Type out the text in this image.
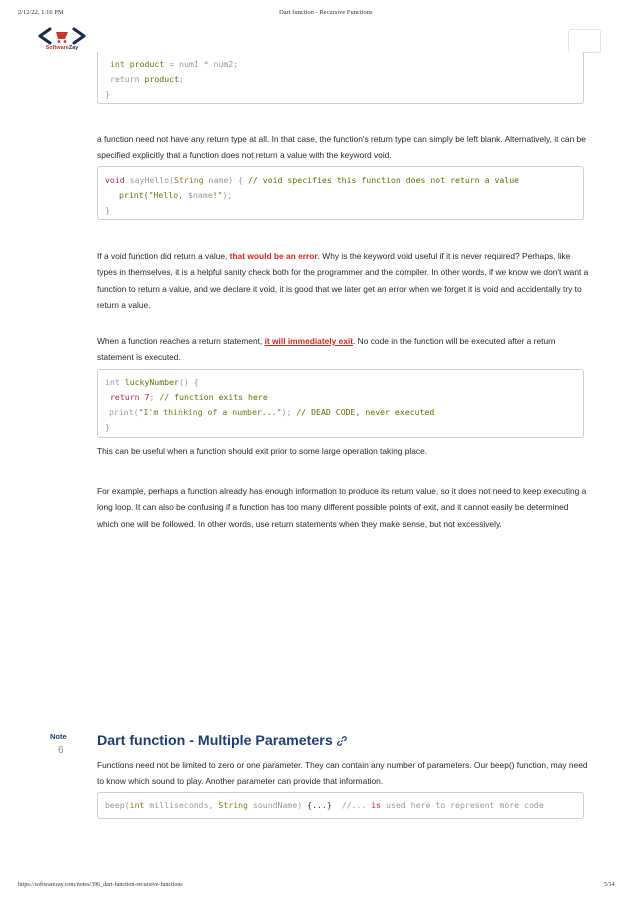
2/12/22, 1:16 PM	Dart function - Recursive Functions
SoftwareZay

int product = num1 * num2;

return product;

}

a function need not have any return type at all. In that case, the function's return type can simply be left blank. Alternatively, it can be specified explicitly that a function does not return a value with the keyword void.

void sayHello(String name) { // void specifies this function does not return a value

print("Hello, $name!");

}

If a void function did return a value, that would be an error. Why is the keyword void useful if it is never required? Perhaps, like types in themselves, it is a helpful sanity check both for the programmer and the compiler. In other words, if we know we don't want a function to return a value, and we declare it void, it is good that we later get an error when we forget it is void and accidentally try to return a value.
When a function reaches a return statement, it will immediately exit. No code in the function will be executed after a return statement is executed.

int luckyNumber() {

return 7; // function exits here

print("I'm thinking of a number..."); // DEAD CODE, never executed

}

This can be useful when a function should exit prior to some large operation taking place.
For example, perhaps a function already has enough information to produce its return value, so it does not need to keep executing a long loop. It can also be confusing if a function has too many different possible points of exit, and it cannot easily be determined which one will be followed. In other words, use return statements when they make sense, but not excessively.
Note
6
Dart function - Multiple Parameters
Functions need not be limited to zero or one parameter. They can contain any number of parameters. Our beep() function, may need to know which sound to play. Another parameter can provide that information.

beep(int milliseconds, String soundName) {...}  //... is used here to represent more code

https://softwarezay.com/notes/396_dart-function-recursive-functions	5/14
